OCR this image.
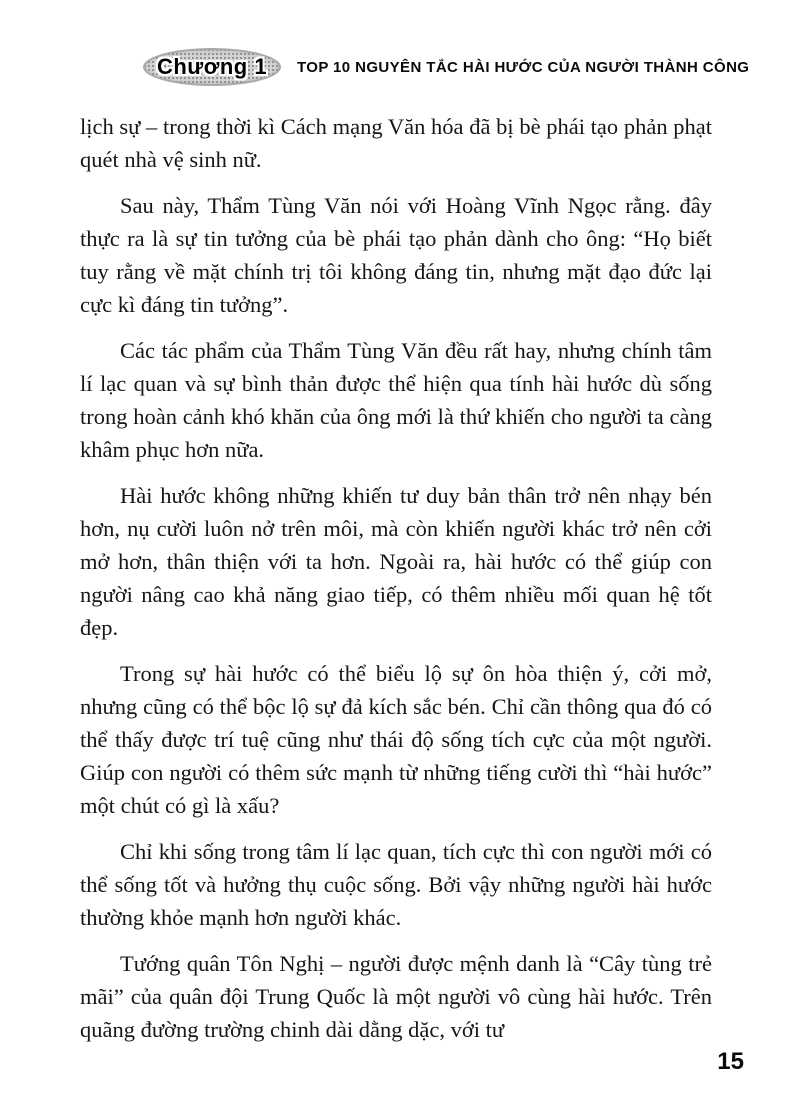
Chương 1 TOP 10 NGUYÊN TẮC HÀI HƯỚC CỦA NGƯỜI THÀNH CÔNG

lịch sự – trong thời kì Cách mạng Văn hóa đã bị bè phái tạo phản phạt quét nhà vệ sinh nữ.

Sau này, Thẩm Tùng Văn nói với Hoàng Vĩnh Ngọc rằng. đây thực ra là sự tin tưởng của bè phái tạo phản dành cho ông: “Họ biết tuy rằng về mặt chính trị tôi không đáng tin, nhưng mặt đạo đức lại cực kì đáng tin tưởng”.

Các tác phẩm của Thẩm Tùng Văn đều rất hay, nhưng chính tâm lí lạc quan và sự bình thản được thể hiện qua tính hài hước dù sống trong hoàn cảnh khó khăn của ông mới là thứ khiến cho người ta càng khâm phục hơn nữa.

Hài hước không những khiến tư duy bản thân trở nên nhạy bén hơn, nụ cười luôn nở trên môi, mà còn khiến người khác trở nên cởi mở hơn, thân thiện với ta hơn. Ngoài ra, hài hước có thể giúp con người nâng cao khả năng giao tiếp, có thêm nhiều mối quan hệ tốt đẹp.

Trong sự hài hước có thể biểu lộ sự ôn hòa thiện ý, cởi mở, nhưng cũng có thể bộc lộ sự đả kích sắc bén. Chỉ cần thông qua đó có thể thấy được trí tuệ cũng như thái độ sống tích cực của một người. Giúp con người có thêm sức mạnh từ những tiếng cười thì “hài hước” một chút có gì là xấu?

Chỉ khi sống trong tâm lí lạc quan, tích cực thì con người mới có thể sống tốt và hưởng thụ cuộc sống. Bởi vậy những người hài hước thường khỏe mạnh hơn người khác.

Tướng quân Tôn Nghị – người được mệnh danh là “Cây tùng trẻ mãi” của quân đội Trung Quốc là một người vô cùng hài hước. Trên quãng đường trường chinh dài dằng dặc, với tư

15
